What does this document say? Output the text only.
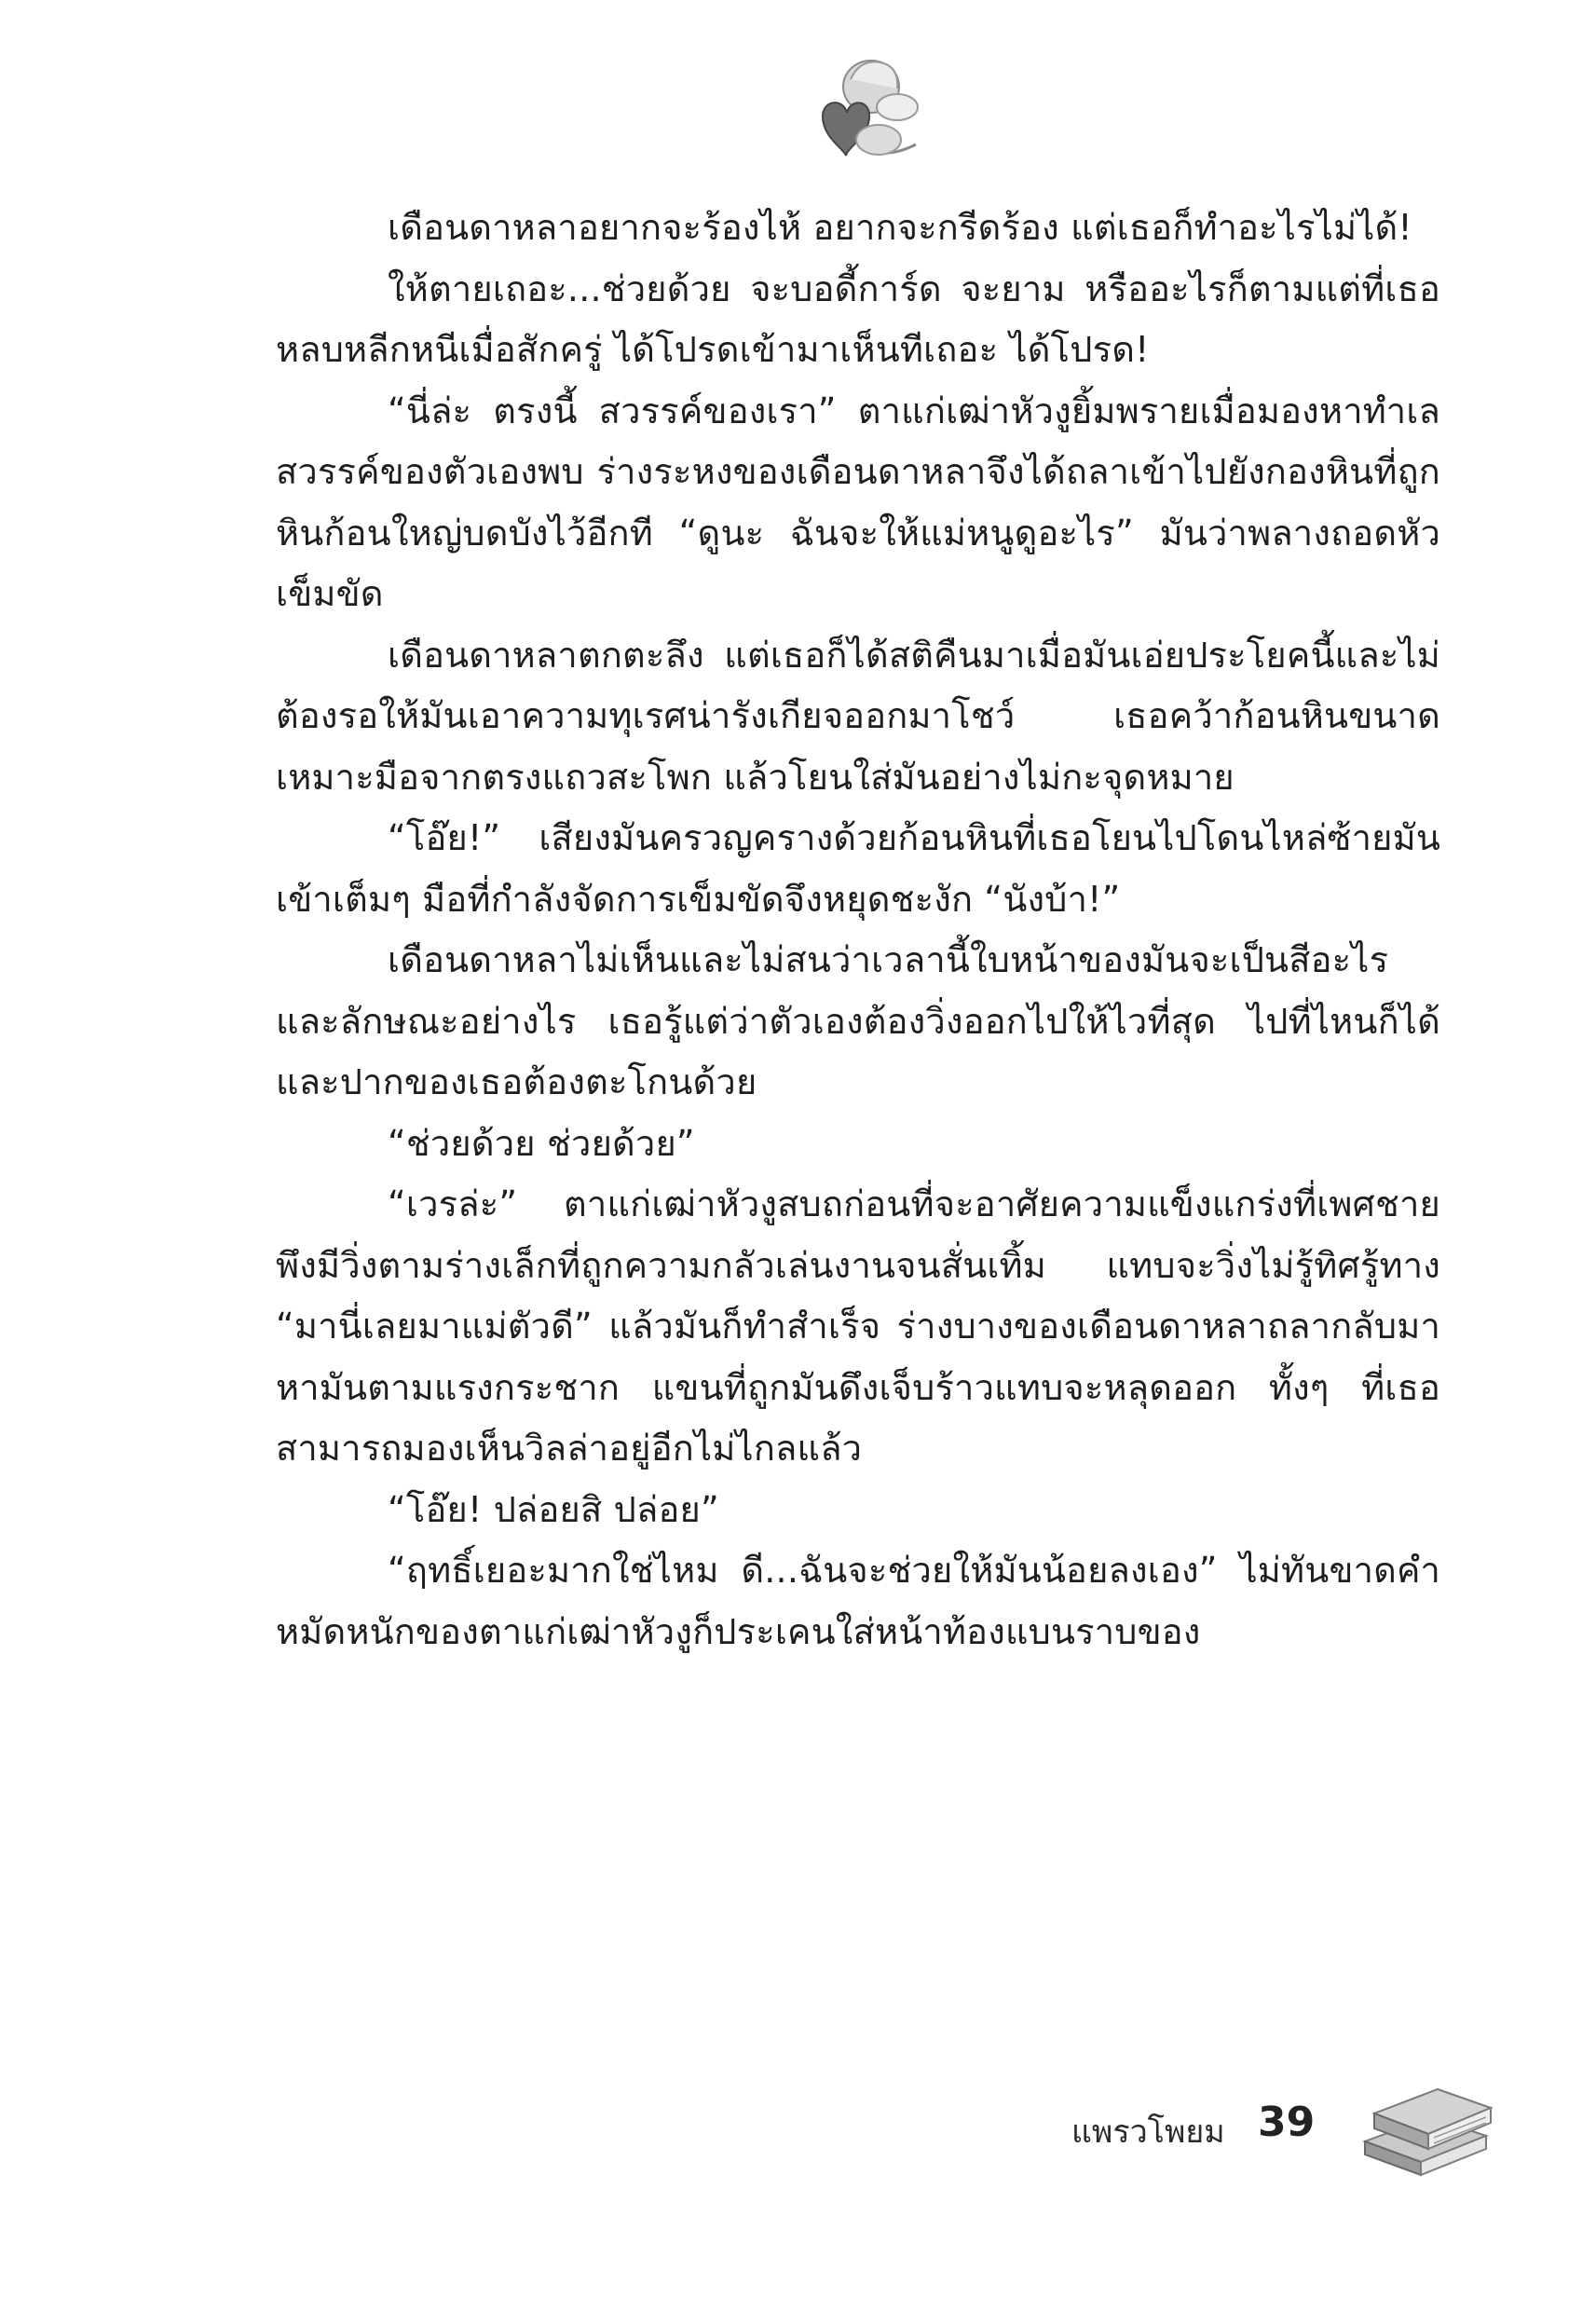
เดือนดาหลาอยากจะร้องไห้ อยากจะกรีดร้อง แต่เธอก็ทำอะไรไม่ได้!

ให้ตายเถอะ...ช่วยด้วย จะบอดี้การ์ด จะยาม หรืออะไรก็ตามแต่ที่เธอหลบหลีกหนีเมื่อสักครู่ ได้โปรดเข้ามาเห็นทีเถอะ ได้โปรด!

“นี่ล่ะ ตรงนี้ สวรรค์ของเรา” ตาแก่เฒ่าหัวงูยิ้มพรายเมื่อมองหาทำเลสวรรค์ของตัวเองพบ ร่างระหงของเดือนดาหลาจึงได้ถลาเข้าไปยังกองหินที่ถูกหินก้อนใหญ่บดบังไว้อีกที “ดูนะ ฉันจะให้แม่หนูดูอะไร” มันว่าพลางถอดหัวเข็มขัด

เดือนดาหลาตกตะลึง แต่เธอก็ได้สติคืนมาเมื่อมันเอ่ยประโยคนี้และไม่ต้องรอให้มันเอาความทุเรศน่ารังเกียจออกมาโชว์ เธอคว้าก้อนหินขนาดเหมาะมือจากตรงแถวสะโพก แล้วโยนใส่มันอย่างไม่กะจุดหมาย

“โอ๊ย!” เสียงมันครวญครางด้วยก้อนหินที่เธอโยนไปโดนไหล่ซ้ายมันเข้าเต็มๆ มือที่กำลังจัดการเข็มขัดจึงหยุดชะงัก “นังบ้า!”

เดือนดาหลาไม่เห็นและไม่สนว่าเวลานี้ใบหน้าของมันจะเป็นสีอะไรและลักษณะอย่างไร เธอรู้แต่ว่าตัวเองต้องวิ่งออกไปให้ไวที่สุด ไปที่ไหนก็ได้ และปากของเธอต้องตะโกนด้วย

“ช่วยด้วย ช่วยด้วย”

“เวรล่ะ” ตาแก่เฒ่าหัวงูสบถก่อนที่จะอาศัยความแข็งแกร่งที่เพศชายพึงมีวิ่งตามร่างเล็กที่ถูกความกลัวเล่นงานจนสั่นเทิ้ม แทบจะวิ่งไม่รู้ทิศรู้ทาง “มานี่เลยมาแม่ตัวดี” แล้วมันก็ทำสำเร็จ ร่างบางของเดือนดาหลาถลากลับมาหามันตามแรงกระชาก แขนที่ถูกมันดึงเจ็บร้าวแทบจะหลุดออก ทั้งๆ ที่เธอสามารถมองเห็นวิลล่าอยู่อีกไม่ไกลแล้ว

“โอ๊ย! ปล่อยสิ ปล่อย”

“ฤทธิ์เยอะมากใช่ไหม ดี...ฉันจะช่วยให้มันน้อยลงเอง” ไม่ทันขาดคำ หมัดหนักของตาแก่เฒ่าหัวงูก็ประเคนใส่หน้าท้องแบนราบของ

แพรวโพยม 39
